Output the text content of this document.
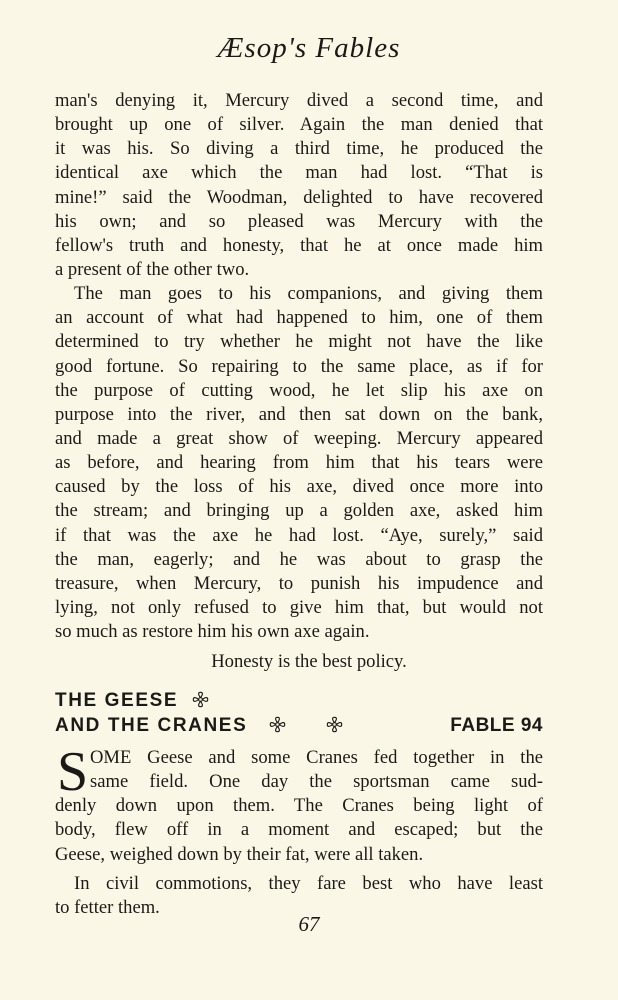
Æsop's Fables
man's denying it, Mercury dived a second time, and
brought up one of silver. Again the man denied that
it was his. So diving a third time, he produced the
identical axe which the man had lost. “That is
mine!” said the Woodman, delighted to have recovered
his own; and so pleased was Mercury with the
fellow's truth and honesty, that he at once made him
a present of the other two.
The man goes to his companions, and giving them
an account of what had happened to him, one of them
determined to try whether he might not have the like
good fortune. So repairing to the same place, as if for
the purpose of cutting wood, he let slip his axe on
purpose into the river, and then sat down on the bank,
and made a great show of weeping. Mercury appeared
as before, and hearing from him that his tears were
caused by the loss of his axe, dived once more into
the stream; and bringing up a golden axe, asked him
if that was the axe he had lost. “Aye, surely,” said
the man, eagerly; and he was about to grasp the
treasure, when Mercury, to punish his impudence and
lying, not only refused to give him that, but would not
so much as restore him his own axe again.
Honesty is the best policy.
THE GEESE
AND THE CRANES	FABLE 94
S OME Geese and some Cranes fed together in the
same field. One day the sportsman came sud-
denly down upon them. The Cranes being light of
body, flew off in a moment and escaped; but the
Geese, weighed down by their fat, were all taken.
In civil commotions, they fare best who have least
to fetter them.
67
